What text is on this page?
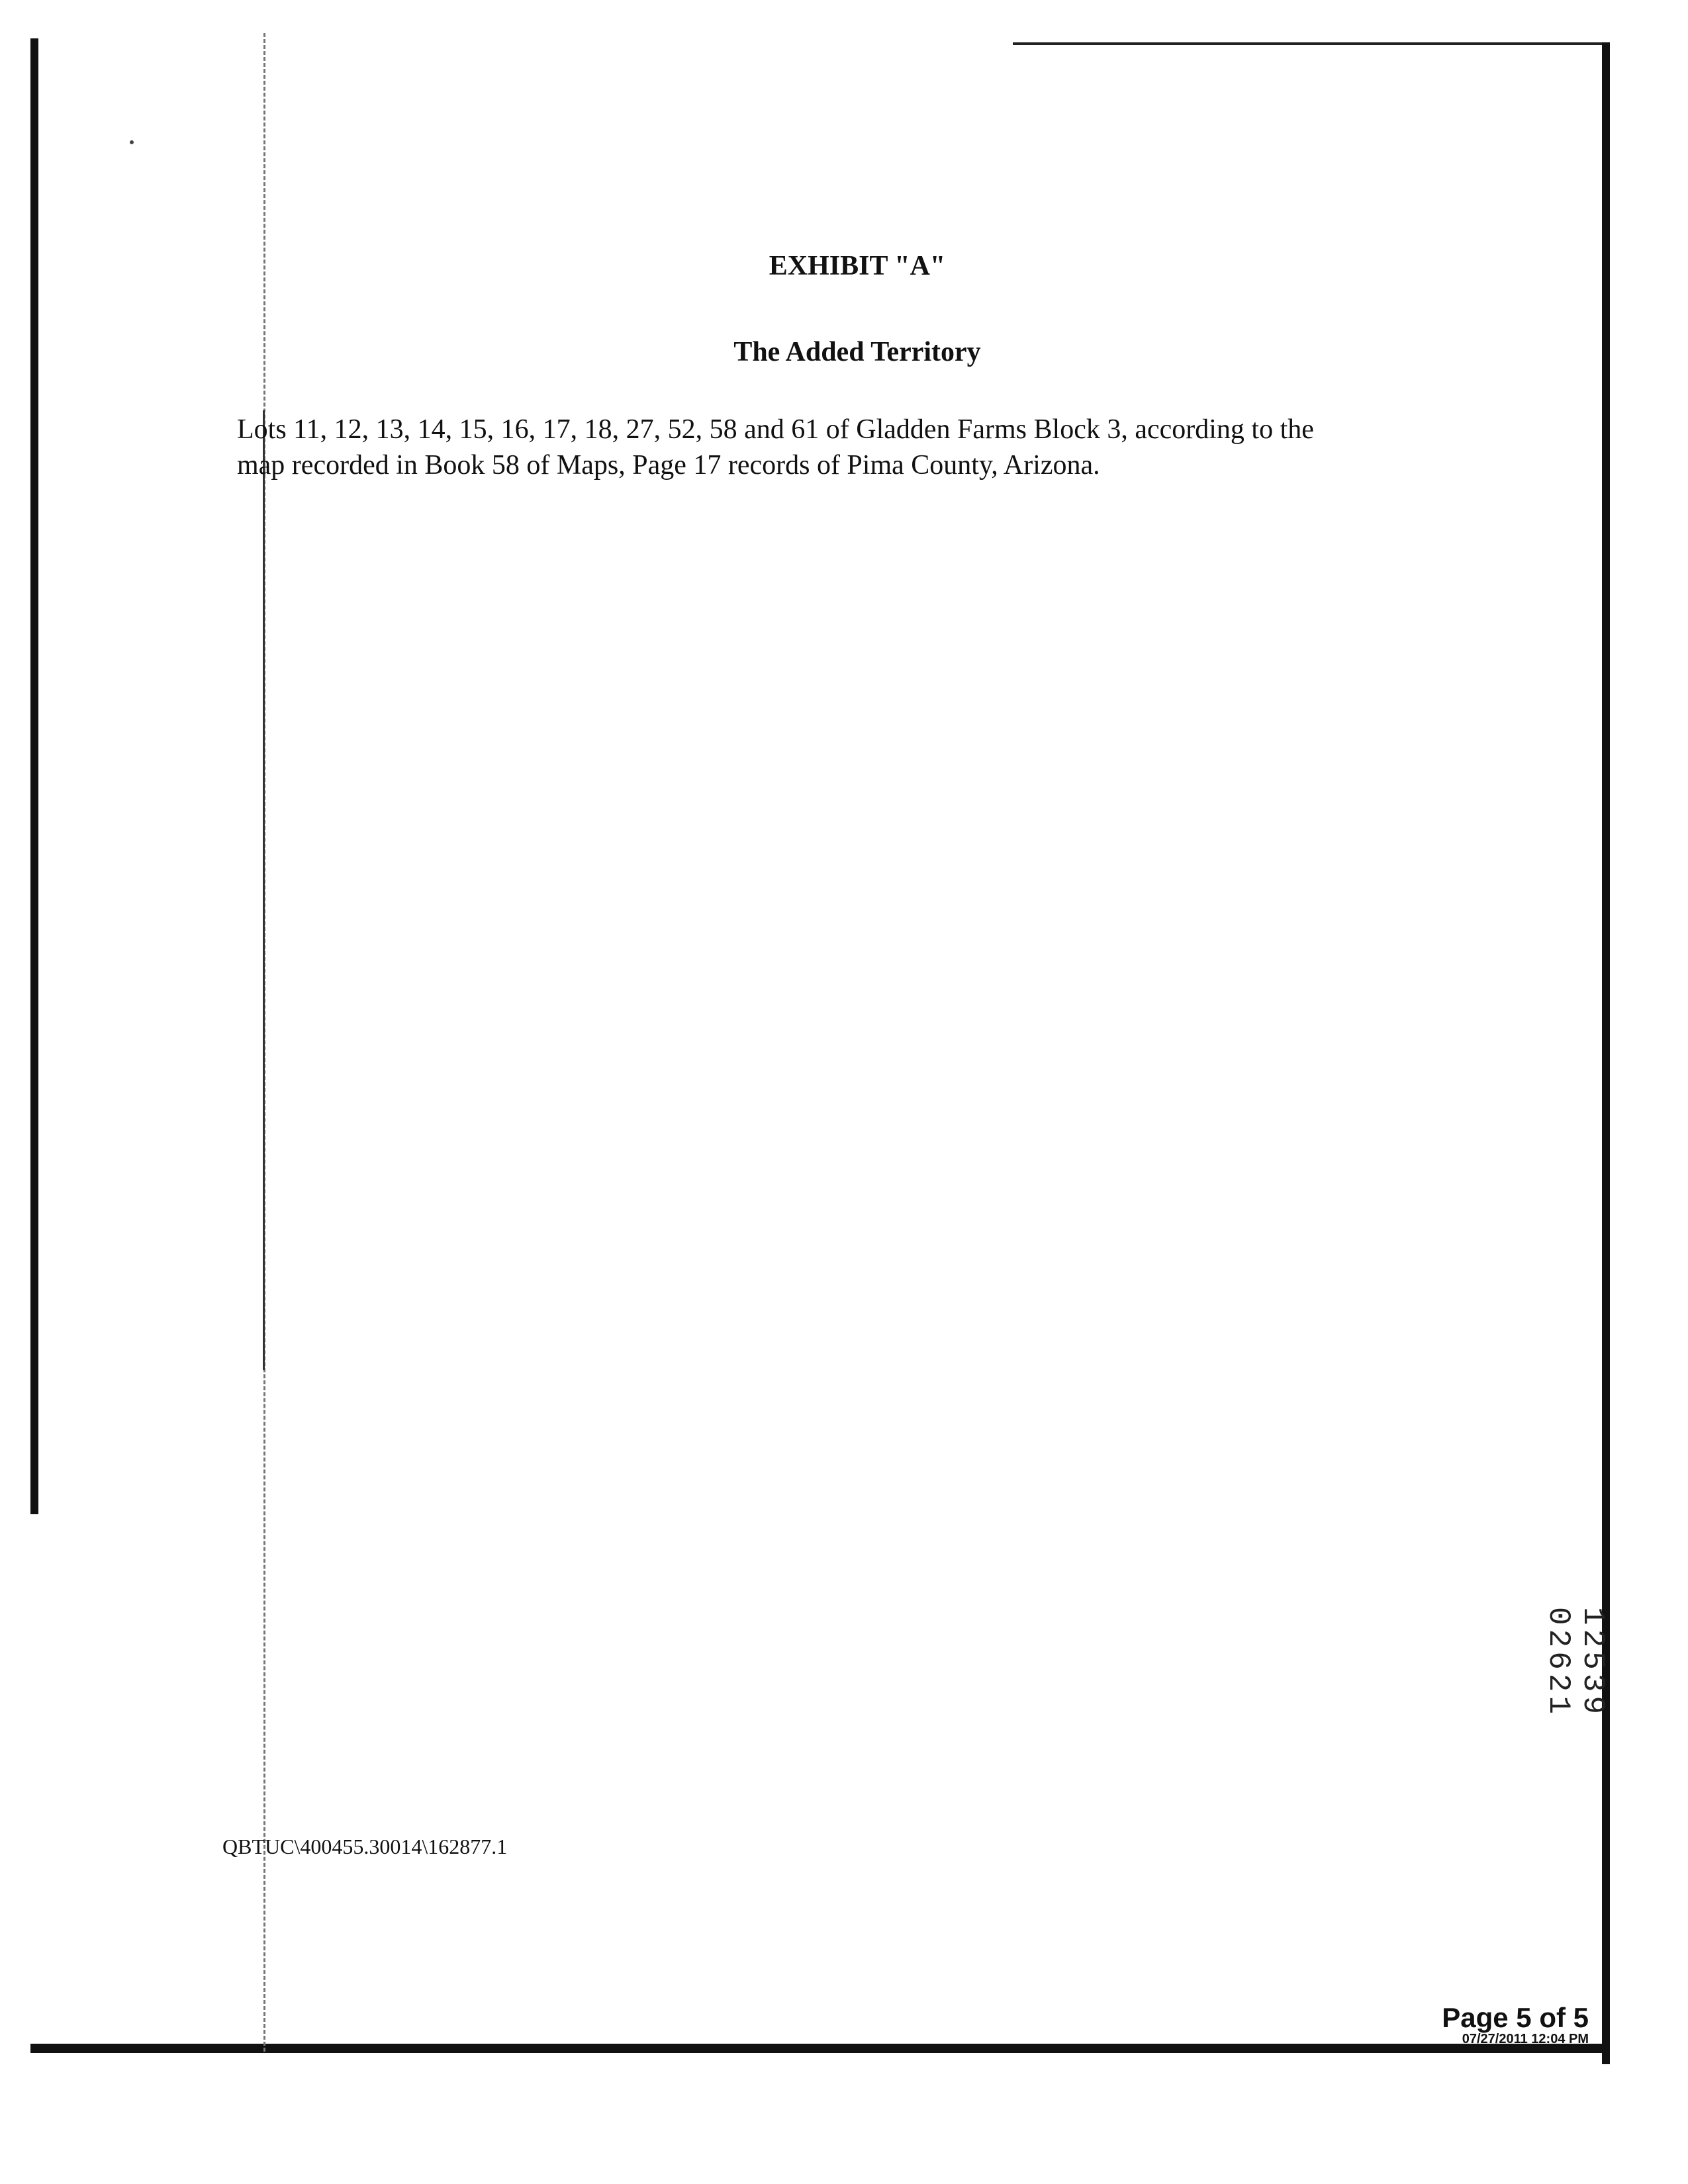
EXHIBIT "A"
The Added Territory

Lots 11, 12, 13, 14, 15, 16, 17, 18, 27, 52, 58 and 61 of Gladden Farms Block 3, according to the

map recorded in Book 58 of Maps, Page 17 records of Pima County, Arizona.

QBTUC\400455.30014\162877.1
12539 02621
Page 5 of 5
07/27/2011 12:04 PM
